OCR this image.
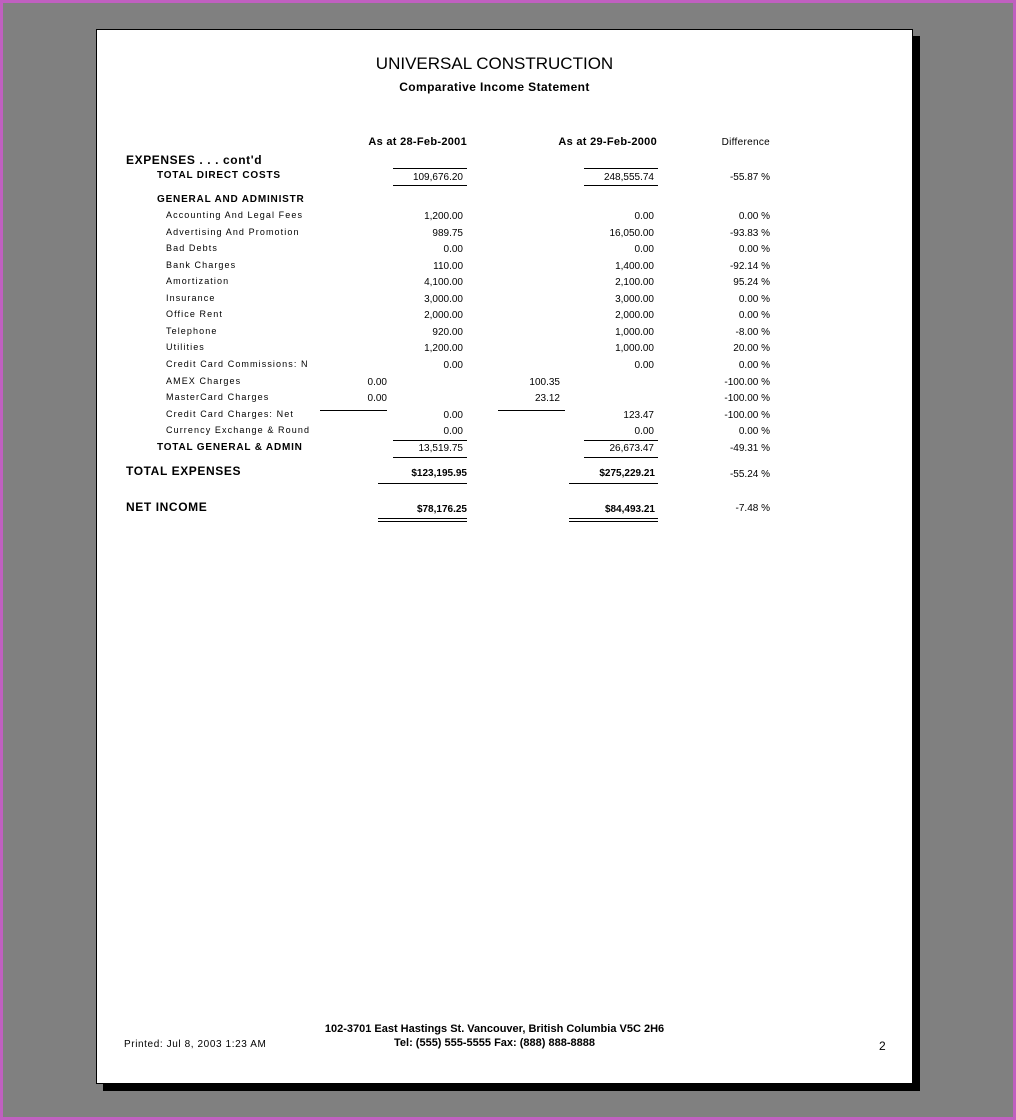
UNIVERSAL CONSTRUCTION
Comparative Income Statement
As at 28-Feb-2001	As at 29-Feb-2000	Difference
EXPENSES . . . cont'd
TOTAL DIRECT COSTS	109,676.20	248,555.74	-55.87 %
GENERAL AND ADMINISTR
Accounting And Legal Fees	1,200.00	0.00	0.00 %
Advertising And Promotion	989.75	16,050.00	-93.83 %
Bad Debts	0.00	0.00	0.00 %
Bank Charges	110.00	1,400.00	-92.14 %
Amortization	4,100.00	2,100.00	95.24 %
Insurance	3,000.00	3,000.00	0.00 %
Office Rent	2,000.00	2,000.00	0.00 %
Telephone	920.00	1,000.00	-8.00 %
Utilities	1,200.00	1,000.00	20.00 %
Credit Card Commissions: N	0.00	0.00	0.00 %
AMEX Charges	0.00	100.35	-100.00 %
MasterCard Charges	0.00	23.12	-100.00 %
Credit Card Charges: Net	0.00	123.47	-100.00 %
Currency Exchange & Round	0.00	0.00	0.00 %
TOTAL GENERAL & ADMIN	13,519.75	26,673.47	-49.31 %
TOTAL EXPENSES	$123,195.95	$275,229.21	-55.24 %
NET INCOME	$78,176.25	$84,493.21	-7.48 %
102-3701 East Hastings St. Vancouver, British Columbia V5C 2H6
Tel: (555) 555-5555 Fax: (888) 888-8888
Printed: Jul 8, 2003 1:23 AM	2
